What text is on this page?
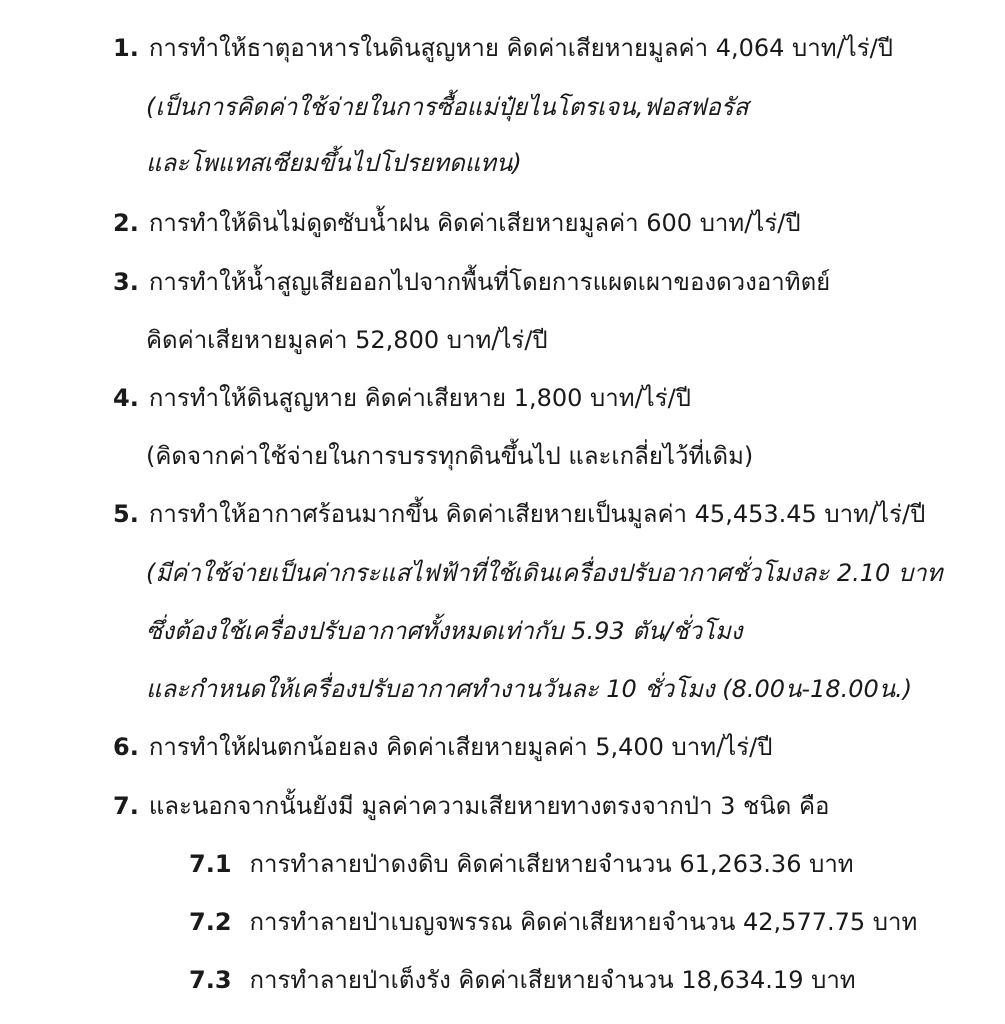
1. การทำให้ธาตุอาหารในดินสูญหาย คิดค่าเสียหายมูลค่า 4,064 บาท/ไร่/ปี
(เป็นการคิดค่าใช้จ่ายในการซื้อแม่ปุ๋ยไนโตรเจน,ฟอสฟอรัส
และโพแทสเซียมขึ้นไปโปรยทดแทน)
2. การทำให้ดินไม่ดูดซับน้ำฝน คิดค่าเสียหายมูลค่า 600 บาท/ไร่/ปี
3. การทำให้น้ำสูญเสียออกไปจากพื้นที่โดยการแผดเผาของดวงอาทิตย์
คิดค่าเสียหายมูลค่า 52,800 บาท/ไร่/ปี
4. การทำให้ดินสูญหาย คิดค่าเสียหาย 1,800 บาท/ไร่/ปี
(คิดจากค่าใช้จ่ายในการบรรทุกดินขึ้นไป และเกลี่ยไว้ที่เดิม)
5. การทำให้อากาศร้อนมากขึ้น คิดค่าเสียหายเป็นมูลค่า 45,453.45 บาท/ไร่/ปี
(มีค่าใช้จ่ายเป็นค่ากระแสไฟฟ้าที่ใช้เดินเครื่องปรับอากาศชั่วโมงละ 2.10 บาท
ซึ่งต้องใช้เครื่องปรับอากาศทั้งหมดเท่ากับ 5.93 ตัน/ชั่วโมง
และกำหนดให้เครื่องปรับอากาศทำงานวันละ 10 ชั่วโมง (8.00น-18.00น.)
6. การทำให้ฝนตกน้อยลง คิดค่าเสียหายมูลค่า 5,400 บาท/ไร่/ปี
7. และนอกจากนั้นยังมี มูลค่าความเสียหายทางตรงจากป่า 3 ชนิด คือ
7.1 การทำลายป่าดงดิบ คิดค่าเสียหายจำนวน 61,263.36 บาท
7.2 การทำลายป่าเบญจพรรณ คิดค่าเสียหายจำนวน 42,577.75 บาท
7.3 การทำลายป่าเต็งรัง คิดค่าเสียหายจำนวน 18,634.19 บาท
